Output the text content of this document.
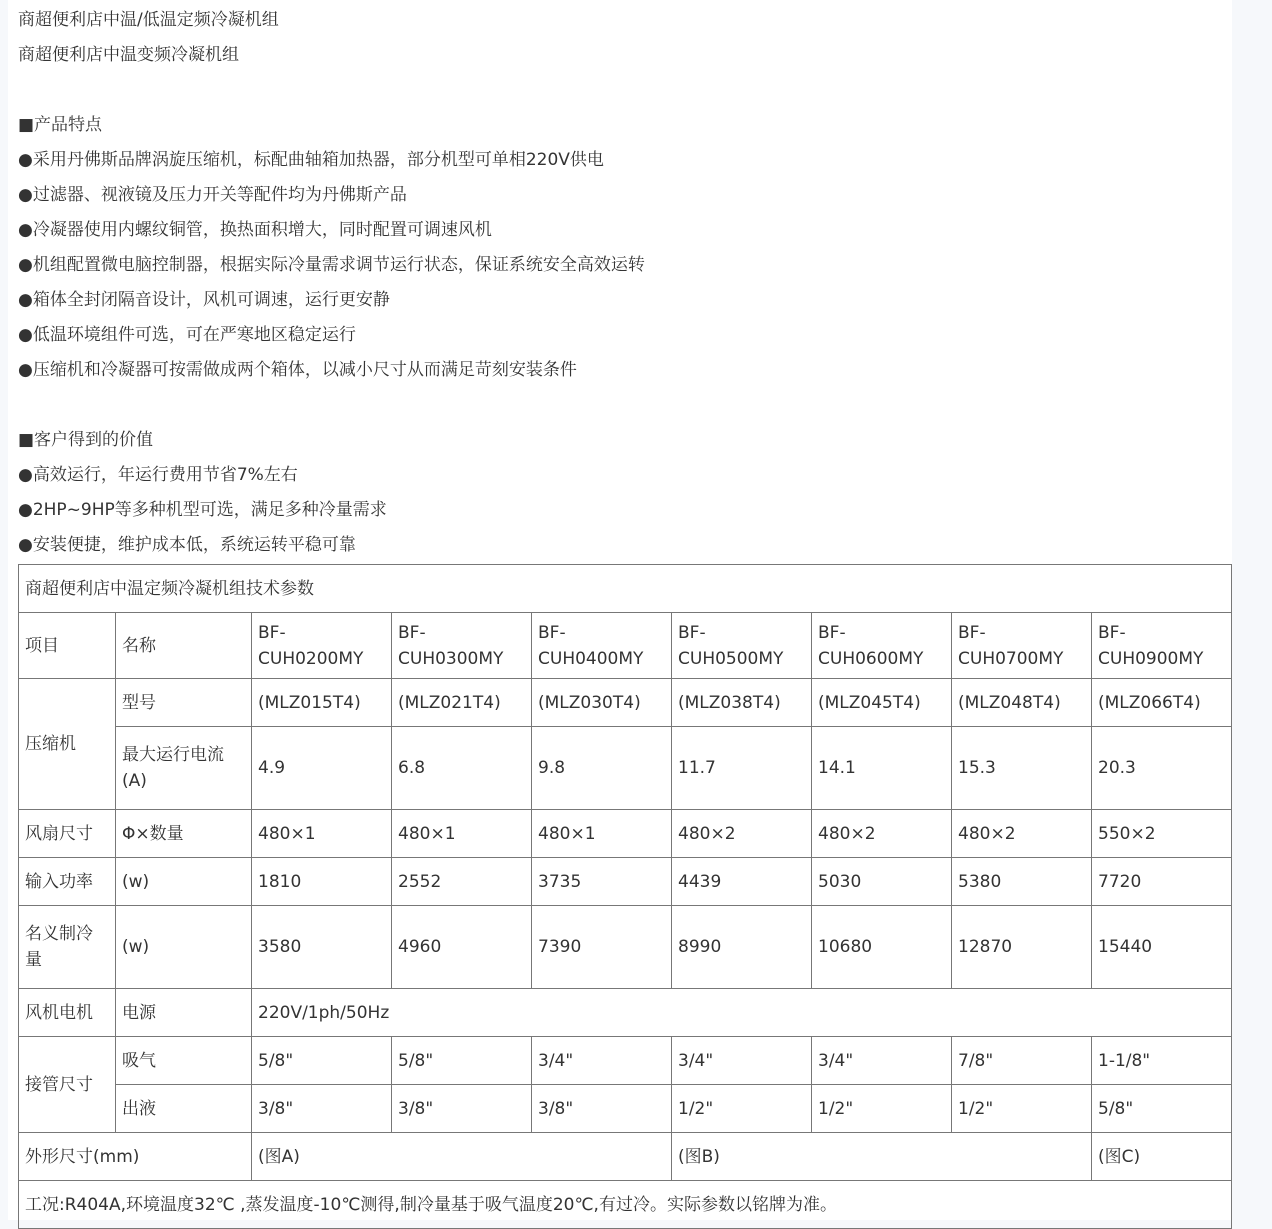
商超便利店中温/低温定频冷凝机组
商超便利店中温变频冷凝机组
■产品特点
●采用丹佛斯品牌涡旋压缩机，标配曲轴箱加热器，部分机型可单相220V供电
●过滤器、视液镜及压力开关等配件均为丹佛斯产品
●冷凝器使用内螺纹铜管，换热面积增大，同时配置可调速风机
●机组配置微电脑控制器，根据实际冷量需求调节运行状态，保证系统安全高效运转
●箱体全封闭隔音设计，风机可调速，运行更安静
●低温环境组件可选，可在严寒地区稳定运行
●压缩机和冷凝器可按需做成两个箱体，以减小尺寸从而满足苛刻安装条件
■客户得到的价值
●高效运行，年运行费用节省7%左右
●2HP~9HP等多种机型可选，满足多种冷量需求
●安装便捷，维护成本低，系统运转平稳可靠
商超便利店中温定频冷凝机组技术参数								
项目	名称	BF-CUH0200MY	BF-CUH0300MY	BF-CUH0400MY	BF-CUH0500MY	BF-CUH0600MY	BF-CUH0700MY	BF-CUH0900MY
压缩机	型号	(MLZ015T4)	(MLZ021T4)	(MLZ030T4)	(MLZ038T4)	(MLZ045T4)	(MLZ048T4)	(MLZ066T4)
	最大运行电流(A)	4.9	6.8	9.8	11.7	14.1	15.3	20.3
风扇尺寸	Φ×数量	480×1	480×1	480×1	480×2	480×2	480×2	550×2
输入功率	(w)	1810	2552	3735	4439	5030	5380	7720
名义制冷量	(w)	3580	4960	7390	8990	10680	12870	15440
风机电机	电源	220V/1ph/50Hz						
接管尺寸	吸气	5/8"	5/8"	3/4"	3/4"	3/4"	7/8"	1-1/8"
	出液	3/8"	3/8"	3/8"	1/2"	1/2"	1/2"	5/8"
外形尺寸(mm)		(图A)			(图B)			(图C)
工况:R404A,环境温度32℃ ,蒸发温度-10℃测得,制冷量基于吸气温度20℃,有过冷。实际参数以铭牌为准。								
